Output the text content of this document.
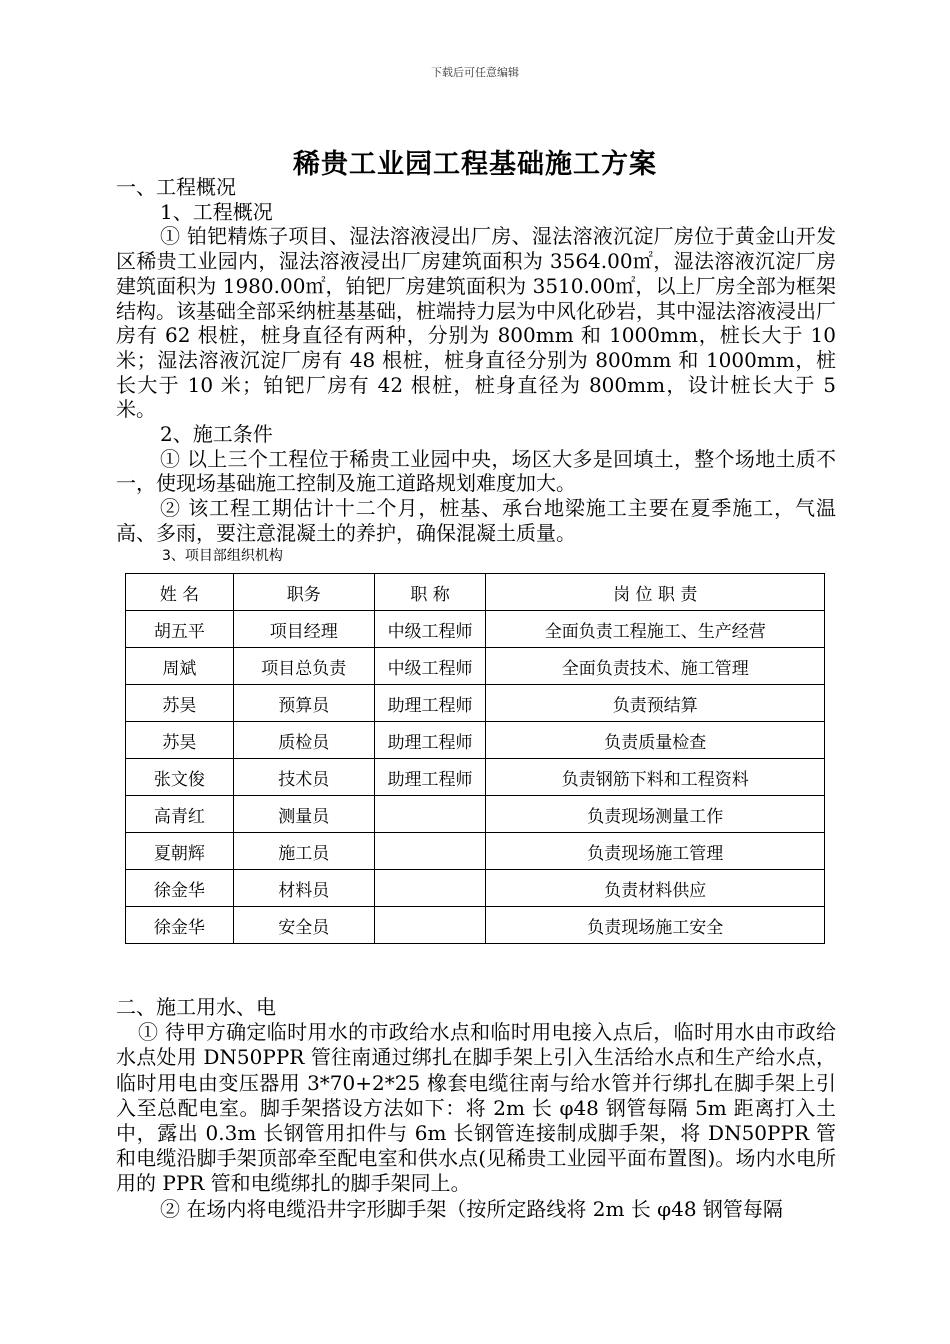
下载后可任意编辑
稀贵工业园工程基础施工方案

一、工程概况

1、工程概况

① 铂钯精炼子项目、湿法溶液浸出厂房、湿法溶液沉淀厂房位于黄金山开发区稀贵工业园内，湿法溶液浸出厂房建筑面积为 3564.00㎡，湿法溶液沉淀厂房建筑面积为 1980.00㎡，铂钯厂房建筑面积为 3510.00㎡，以上厂房全部为框架结构。该基础全部采纳桩基基础，桩端持力层为中风化砂岩，其中湿法溶液浸出厂房有 62 根桩，桩身直径有两种，分别为 800mm 和 1000mm，桩长大于 10 米；湿法溶液沉淀厂房有 48 根桩，桩身直径分别为 800mm 和 1000mm，桩长大于 10 米；铂钯厂房有 42 根桩，桩身直径为 800mm，设计桩长大于 5 米。

2、施工条件

① 以上三个工程位于稀贵工业园中央，场区大多是回填土，整个场地土质不一，使现场基础施工控制及施工道路规划难度加大。

② 该工程工期估计十二个月，桩基、承台地梁施工主要在夏季施工，气温高、多雨，要注意混凝土的养护，确保混凝土质量。

3、项目部组织机构

姓 名	职务	职 称	岗 位 职 责
胡五平	项目经理	中级工程师	全面负责工程施工、生产经营
周斌	项目总负责	中级工程师	全面负责技术、施工管理
苏昊	预算员	助理工程师	负责预结算
苏昊	质检员	助理工程师	负责质量检查
张文俊	技术员	助理工程师	负责钢筋下料和工程资料
高青红	测量员		负责现场测量工作
夏朝辉	施工员		负责现场施工管理
徐金华	材料员		负责材料供应
徐金华	安全员		负责现场施工安全

二、施工用水、电

① 待甲方确定临时用水的市政给水点和临时用电接入点后，临时用水由市政给水点处用 DN50PPR 管往南通过绑扎在脚手架上引入生活给水点和生产给水点，临时用电由变压器用 3*70+2*25 橡套电缆往南与给水管并行绑扎在脚手架上引入至总配电室。脚手架搭设方法如下：将 2m 长 φ48 钢管每隔 5m 距离打入土中，露出 0.3m 长钢管用扣件与 6m 长钢管连接制成脚手架，将 DN50PPR 管和电缆沿脚手架顶部牵至配电室和供水点(见稀贵工业园平面布置图)。场内水电所用的 PPR 管和电缆绑扎的脚手架同上。

② 在场内将电缆沿井字形脚手架（按所定路线将 2m 长 φ48 钢管每隔
